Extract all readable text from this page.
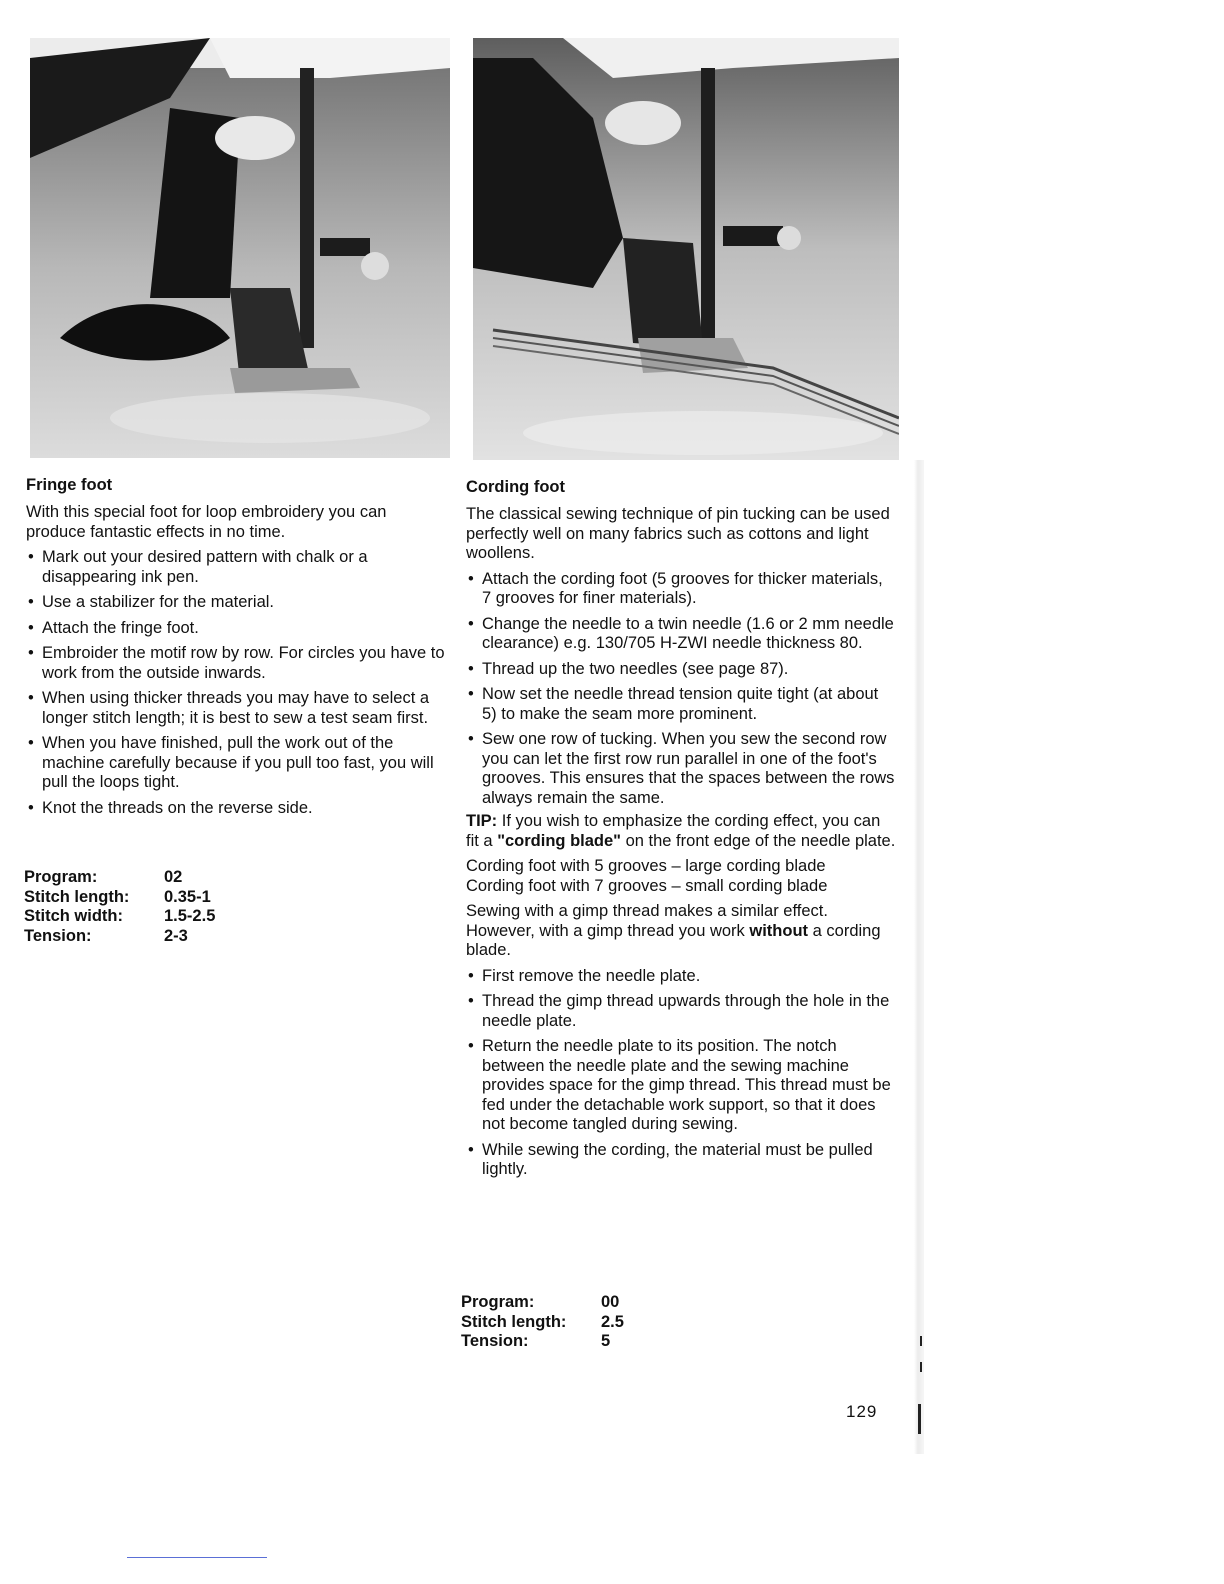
Fringe foot

With this special foot for loop embroidery you can produce fantastic effects in no time.

• Mark out your desired pattern with chalk or a disappearing ink pen.
• Use a stabilizer for the material.
• Attach the fringe foot.
• Embroider the motif row by row. For circles you have to work from the outside inwards.
• When using thicker threads you may have to select a longer stitch length; it is best to sew a test seam first.
• When you have finished, pull the work out of the machine carefully because if you pull too fast, you will pull the loops tight.
• Knot the threads on the reverse side.
Program:	02
Stitch length:	0.35-1
Stitch width:	1.5-2.5
Tension:	2-3
Cording foot

The classical sewing technique of pin tucking can be used perfectly well on many fabrics such as cottons and light woollens.

• Attach the cording foot (5 grooves for thicker materials, 7 grooves for finer materials).
• Change the needle to a twin needle (1.6 or 2 mm needle clearance) e.g. 130/705 H-ZWI needle thickness 80.
• Thread up the two needles (see page 87).
• Now set the needle thread tension quite tight (at about 5) to make the seam more prominent.
• Sew one row of tucking. When you sew the second row you can let the first row run parallel in one of the foot's grooves. This ensures that the spaces between the rows always remain the same.

TIP: If you wish to emphasize the cording effect, you can fit a "cording blade" on the front edge of the needle plate.

Cording foot with 5 grooves – large cording blade
Cording foot with 7 grooves – small cording blade

Sewing with a gimp thread makes a similar effect. However, with a gimp thread you work without a cording blade.

• First remove the needle plate.
• Thread the gimp thread upwards through the hole in the needle plate.
• Return the needle plate to its position. The notch between the needle plate and the sewing machine provides space for the gimp thread. This thread must be fed under the detachable work support, so that it does not become tangled during sewing.
• While sewing the cording, the material must be pulled lightly.
Program:	00
Stitch length:	2.5
Tension:	5
129
